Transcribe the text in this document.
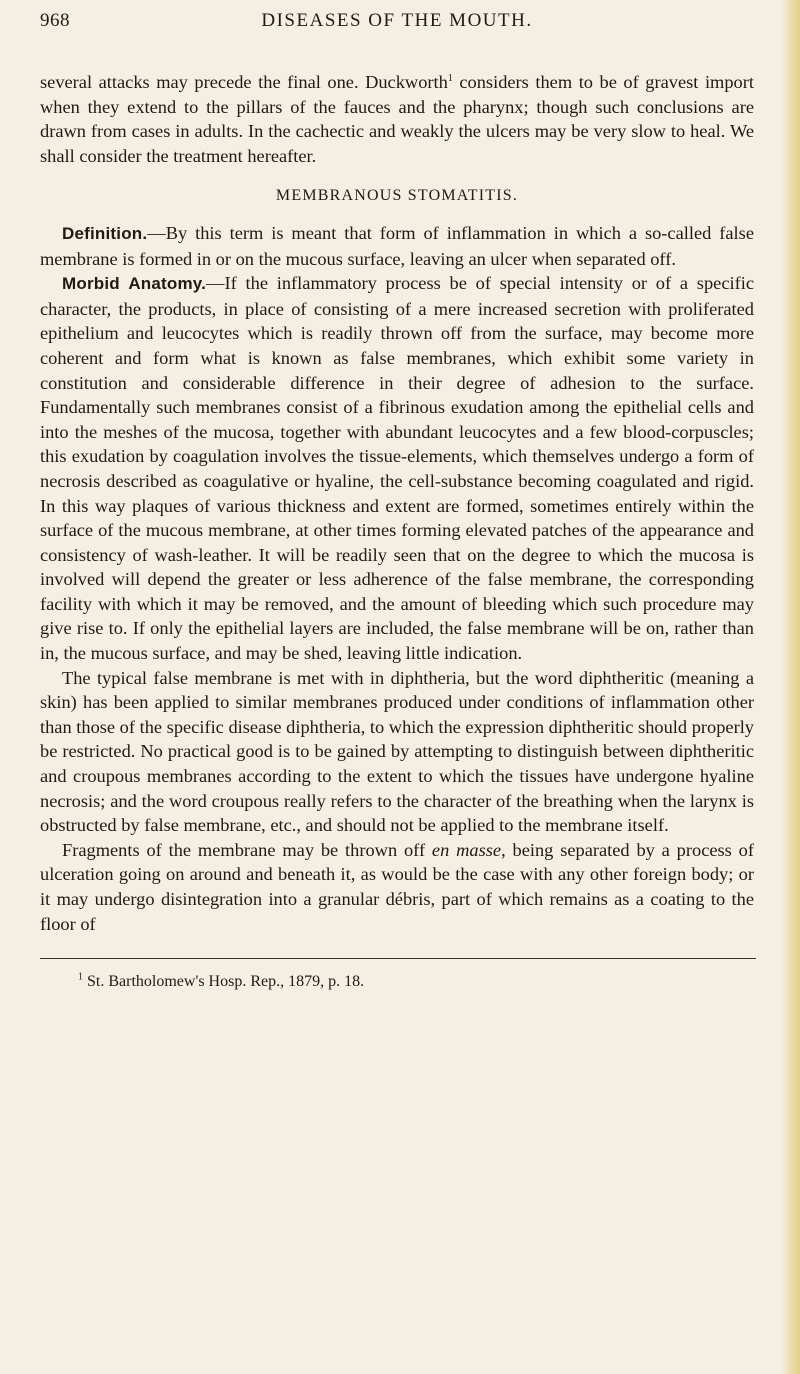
968	DISEASES OF THE MOUTH.

several attacks may precede the final one. Duckworth$^1$ considers them to be of gravest import when they extend to the pillars of the fauces and the pharynx; though such conclusions are drawn from cases in adults. In the cachectic and weakly the ulcers may be very slow to heal. We shall consider the treatment hereafter.

MEMBRANOUS STOMATITIS.

Definition.—By this term is meant that form of inflammation in which a so-called false membrane is formed in or on the mucous surface, leaving an ulcer when separated off.

Morbid Anatomy.—If the inflammatory process be of special intensity or of a specific character, the products, in place of consisting of a mere increased secretion with proliferated epithelium and leucocytes which is readily thrown off from the surface, may become more coherent and form what is known as false membranes, which exhibit some variety in constitution and considerable difference in their degree of adhesion to the surface. Fundamentally such membranes consist of a fibrinous exudation among the epithelial cells and into the meshes of the mucosa, together with abundant leucocytes and a few blood-corpuscles; this exudation by coagulation involves the tissue-elements, which themselves undergo a form of necrosis described as coagulative or hyaline, the cell-substance becoming coagulated and rigid. In this way plaques of various thickness and extent are formed, sometimes entirely within the surface of the mucous membrane, at other times forming elevated patches of the appearance and consistency of wash-leather. It will be readily seen that on the degree to which the mucosa is involved will depend the greater or less adherence of the false membrane, the corresponding facility with which it may be removed, and the amount of bleeding which such procedure may give rise to. If only the epithelial layers are included, the false membrane will be on, rather than in, the mucous surface, and may be shed, leaving little indication.

The typical false membrane is met with in diphtheria, but the word diphtheritic (meaning a skin) has been applied to similar membranes produced under conditions of inflammation other than those of the specific disease diphtheria, to which the expression diphtheritic should properly be restricted. No practical good is to be gained by attempting to distinguish between diphtheritic and croupous membranes according to the extent to which the tissues have undergone hyaline necrosis; and the word croupous really refers to the character of the breathing when the larynx is obstructed by false membrane, etc., and should not be applied to the membrane itself.

Fragments of the membrane may be thrown off en masse, being separated by a process of ulceration going on around and beneath it, as would be the case with any other foreign body; or it may undergo disintegration into a granular débris, part of which remains as a coating to the floor of

$^1$ St. Bartholomew's Hosp. Rep., 1879, p. 18.
